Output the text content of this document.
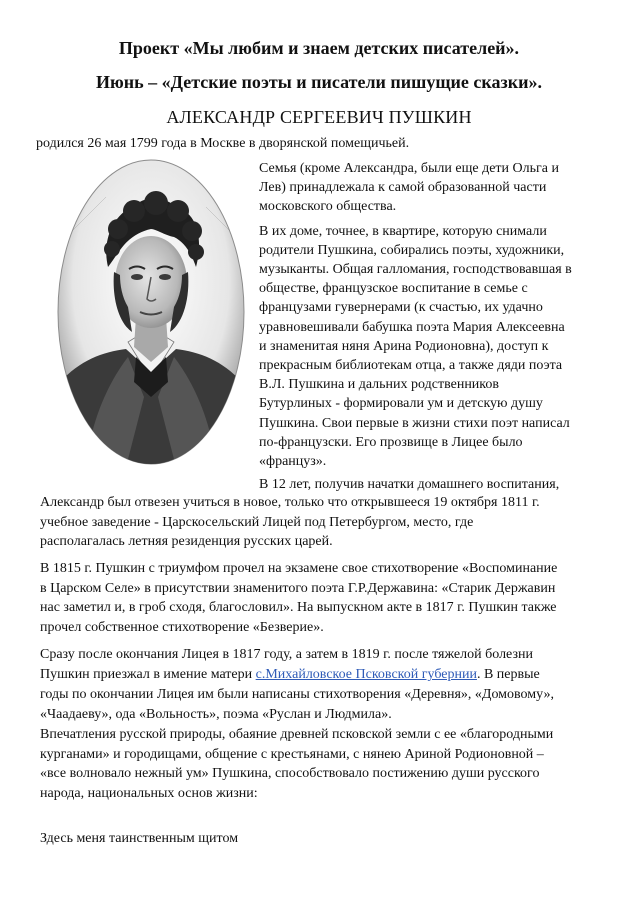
Проект «Мы любим и знаем детских писателей».
Июнь – «Детские поэты и писатели пишущие сказки».
АЛЕКСАНДР СЕРГЕЕВИЧ ПУШКИН
родился 26 мая 1799 года в Москве в дворянской помещичьей.
Семья (кроме Александра, были еще дети Ольга и
Лев) принадлежала к самой образованной части
московского общества.
В их доме, точнее, в квартире, которую снимали
родители Пушкина, собирались поэты, художники,
музыканты. Общая галломания, господствовавшая в
обществе, французское воспитание в семье с
французами гувернерами (к счастью, их удачно
уравновешивали бабушка поэта Мария Алексеевна
и знаменитая няня Арина Родионовна), доступ к
прекрасным библиотекам отца, а также дяди поэта
В.Л. Пушкина и дальних родственников
Бутурлиных - формировали ум и детскую душу
Пушкина. Свои первые в жизни стихи поэт написал
по-французски. Его прозвище в Лицее было
«француз».
В 12 лет, получив начатки домашнего воспитания,
Александр был отвезен учиться в новое, только что открывшееся 19 октября 1811 г.
учебное заведение - Царскосельский Лицей под Петербургом, место, где
располагалась летняя резиденция русских царей.
В 1815 г. Пушкин с триумфом прочел на экзамене свое стихотворение «Воспоминание
в Царском Селе» в присутствии знаменитого поэта Г.Р.Державина: «Старик Державин
нас заметил и, в гроб сходя, благословил». На выпускном акте в 1817 г. Пушкин также
прочел собственное стихотворение «Безверие».
Сразу после окончания Лицея в 1817 году, а затем в 1819 г. после тяжелой болезни
Пушкин приезжал в имение матери с.Михайловское Псковской губернии. В первые
годы по окончании Лицея им были написаны стихотворения «Деревня», «Домовому»,
«Чаадаеву», ода «Вольность», поэма «Руслан и Людмила».
Впечатления русской природы, обаяние древней псковской земли с ее «благородными
курганами» и городищами, общение с крестьянами, с нянею Ариной Родионовной –
«все волновало нежный ум» Пушкина, способствовало постижению души русского
народа, национальных основ жизни:
Здесь меня таинственным щитом
